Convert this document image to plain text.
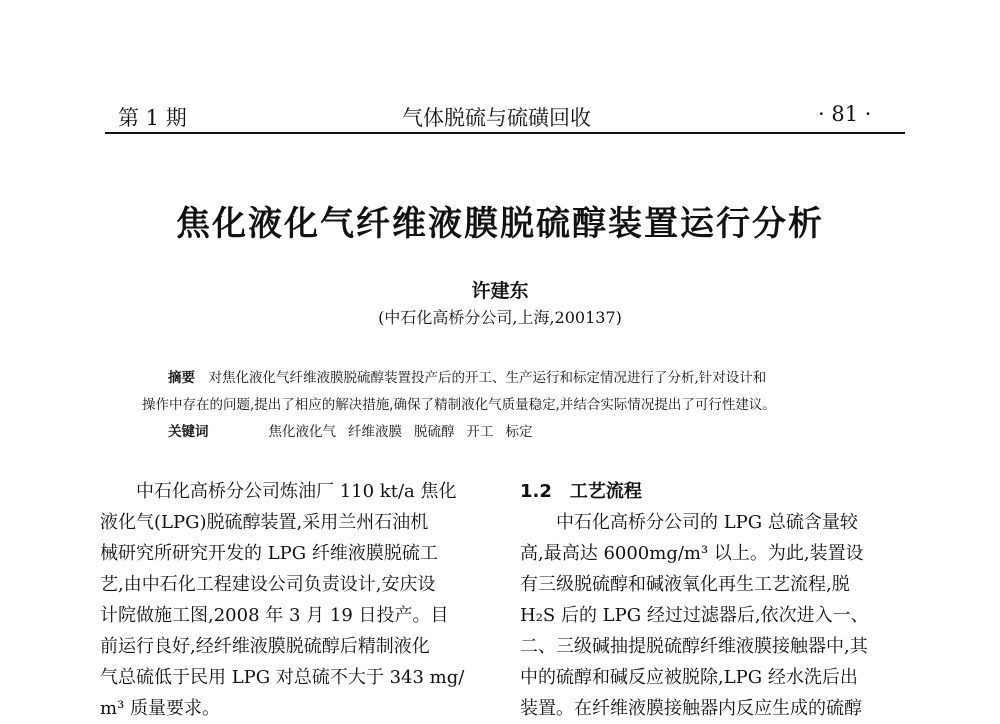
第 1 期	气体脱硫与硫磺回收	· 81 ·
焦化液化气纤维液膜脱硫醇装置运行分析
许建东
(中石化高桥分公司,上海,200137)
摘要　 对焦化液化气纤维液膜脱硫醇装置投产后的开工、生产运行和标定情况进行了分析,针对设计和
操作中存在的问题,提出了相应的解决措施,确保了精制液化气质量稳定,并结合实际情况提出了可行性建议。
关键词	焦化液化气 纤维液膜 脱硫醇 开工 标定
　　中石化高桥分公司炼油厂 110 kt/a 焦化
液化气(LPG)脱硫醇装置,采用兰州石油机
械研究所研究开发的 LPG 纤维液膜脱硫工
艺,由中石化工程建设公司负责设计,安庆设
计院做施工图,2008 年 3 月 19 日投产。目
前运行良好,经纤维液膜脱硫醇后精制液化
气总硫低于民用 LPG 对总硫不大于 343 mg/
m³ 质量要求。
1.2　工艺流程
　　中石化高桥分公司的 LPG 总硫含量较
高,最高达 6000mg/m³ 以上。为此,装置设
有三级脱硫醇和碱液氧化再生工艺流程,脱
H₂S 后的 LPG 经过过滤器后,依次进入一、
二、三级碱抽提脱硫醇纤维液膜接触器中,其
中的硫醇和碱反应被脱除,LPG 经水洗后出
装置。在纤维液膜接触器内反应生成的硫醇
